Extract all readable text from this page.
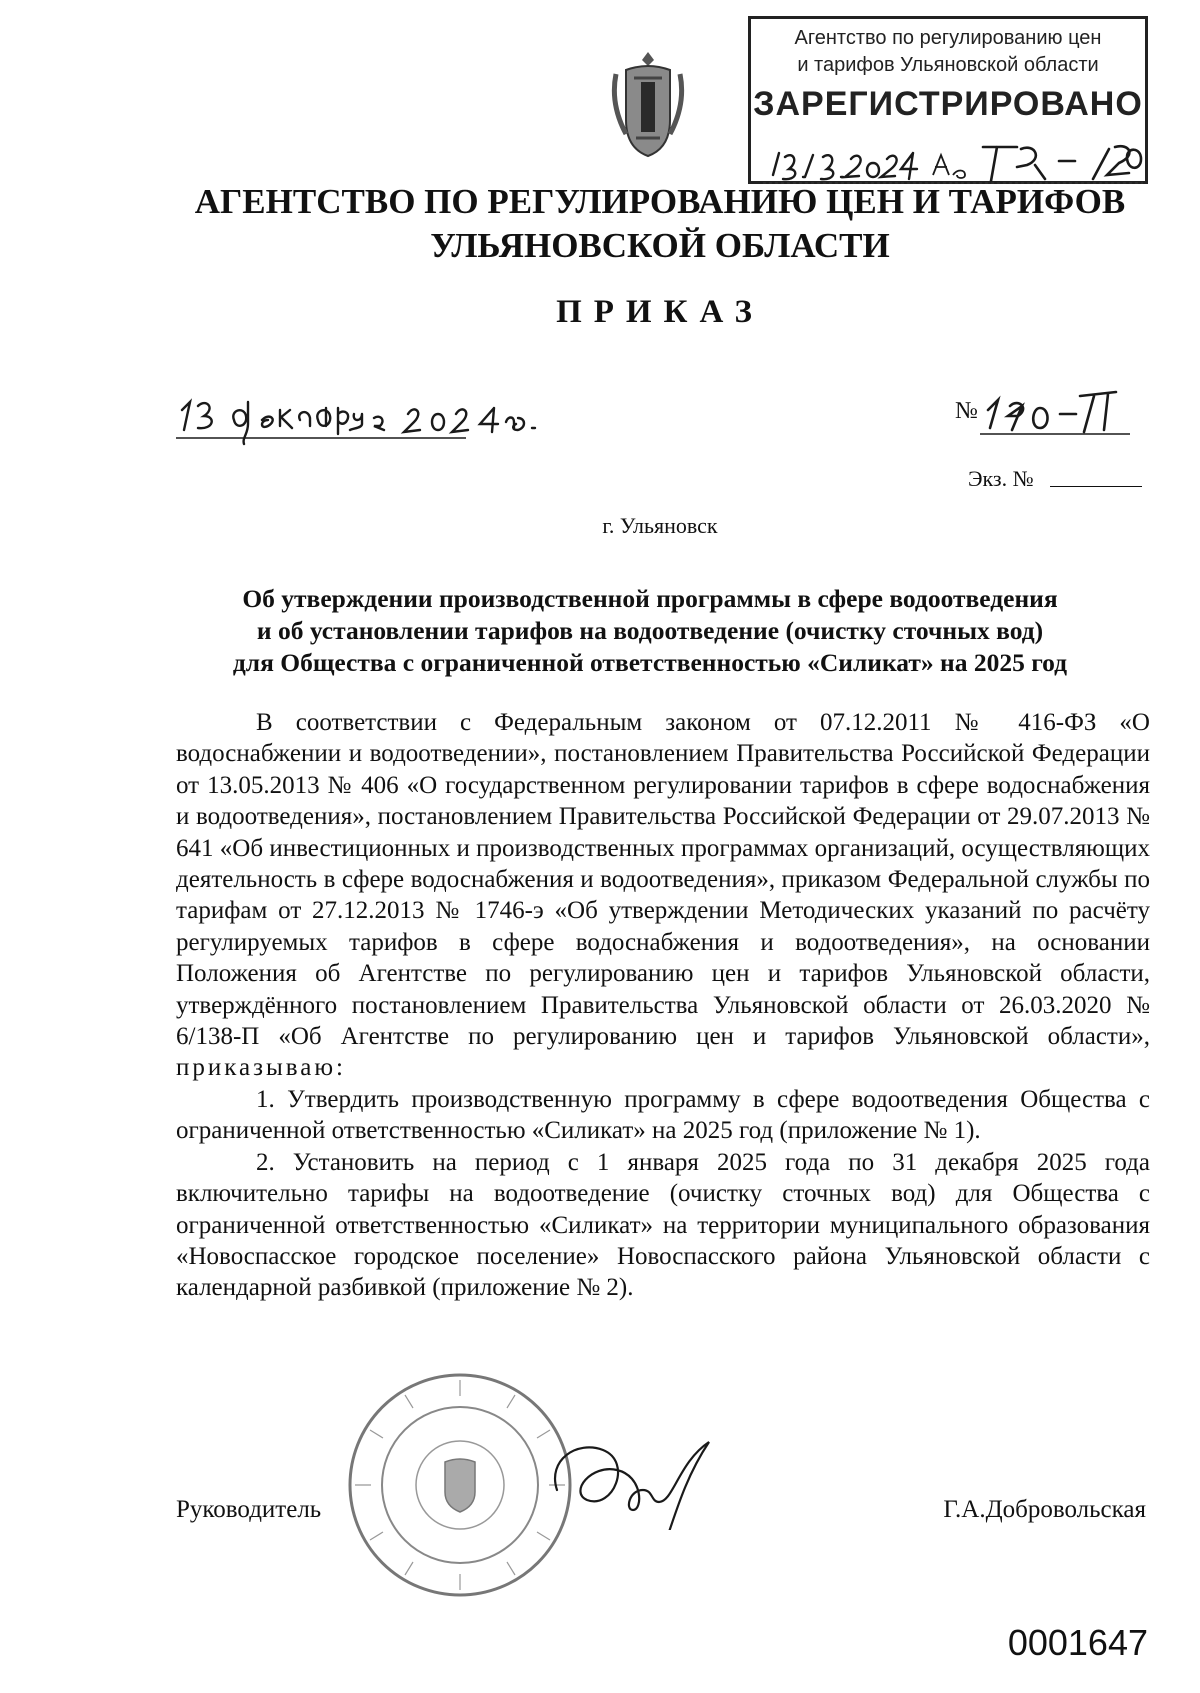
Агентство по регулированию цен
и тарифов Ульяновской области
ЗАРЕГИСТРИРОВАНО
АГЕНТСТВО ПО РЕГУЛИРОВАНИЮ ЦЕН И ТАРИФОВ
УЛЬЯНОВСКОЙ ОБЛАСТИ
ПРИКАЗ
№
Экз. №
г. Ульяновск
Об утверждении производственной программы в сфере водоотведения
и об установлении тарифов на водоотведение (очистку сточных вод)
для Общества с ограниченной ответственностью «Силикат» на 2025 год

В соответствии с Федеральным законом от 07.12.2011 № 416-ФЗ «О водоснабжении и водоотведении», постановлением Правительства Российской Федерации от 13.05.2013 № 406 «О государственном регулировании тарифов в сфере водоснабжения и водоотведения», постановлением Правительства Российской Федерации от 29.07.2013 № 641 «Об инвестиционных и производственных программах организаций, осуществляющих деятельность в сфере водоснабжения и водоотведения», приказом Федеральной службы по тарифам от 27.12.2013 № 1746-э «Об утверждении Методических указаний по расчёту регулируемых тарифов в сфере водоснабжения и водоотведения», на основании Положения об Агентстве по регулированию цен и тарифов Ульяновской области, утверждённого постановлением Правительства Ульяновской области от 26.03.2020 № 6/138-П «Об Агентстве по регулированию цен и тарифов Ульяновской области», приказываю:

1. Утвердить производственную программу в сфере водоотведения Общества с ограниченной ответственностью «Силикат» на 2025 год (приложение № 1).

2. Установить на период с 1 января 2025 года по 31 декабря 2025 года включительно тарифы на водоотведение (очистку сточных вод) для Общества с ограниченной ответственностью «Силикат» на территории муниципального образования «Новоспасское городское поселение» Новоспасского района Ульяновской области с календарной разбивкой (приложение № 2).

Руководитель	Г.А.Добровольская
0001647
